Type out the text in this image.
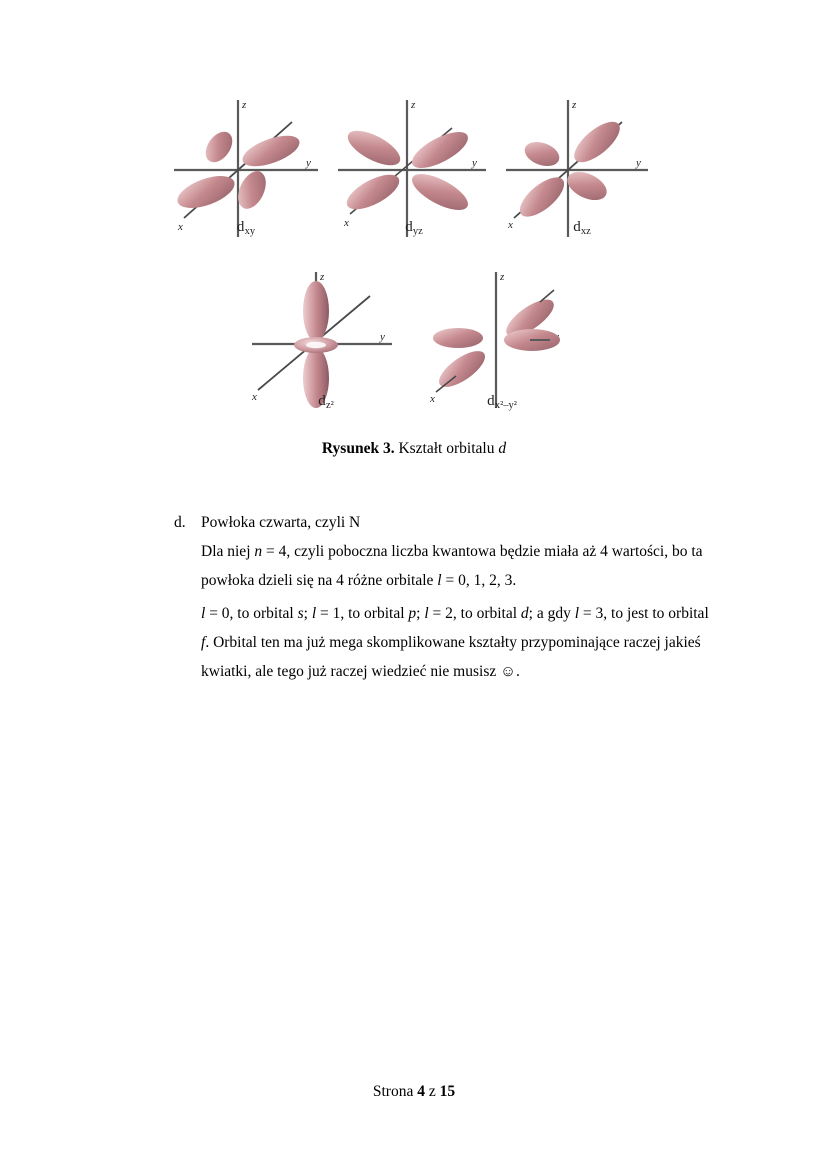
z
y
x	$d_{xy}$
z
y
x	$d_{yz}$
z
y
x	$d_{xz}$
z
y
x	$d_{z^2}$
z
x	$d_{x^2-y^2}$
Rysunek 3. Kształt orbitalu d
d. Powłoka czwarta, czyli N

Dla niej n = 4, czyli poboczna liczba kwantowa będzie miała aż 4 wartości, bo ta powłoka dzieli się na 4 różne orbitale l = 0, 1, 2, 3.

l = 0, to orbital s; l = 1, to orbital p; l = 2, to orbital d; a gdy l = 3, to jest to orbital f. Orbital ten ma już mega skomplikowane kształty przypominające raczej jakieś kwiatki, ale tego już raczej wiedzieć nie musisz ☺.

Strona 4 z 15
